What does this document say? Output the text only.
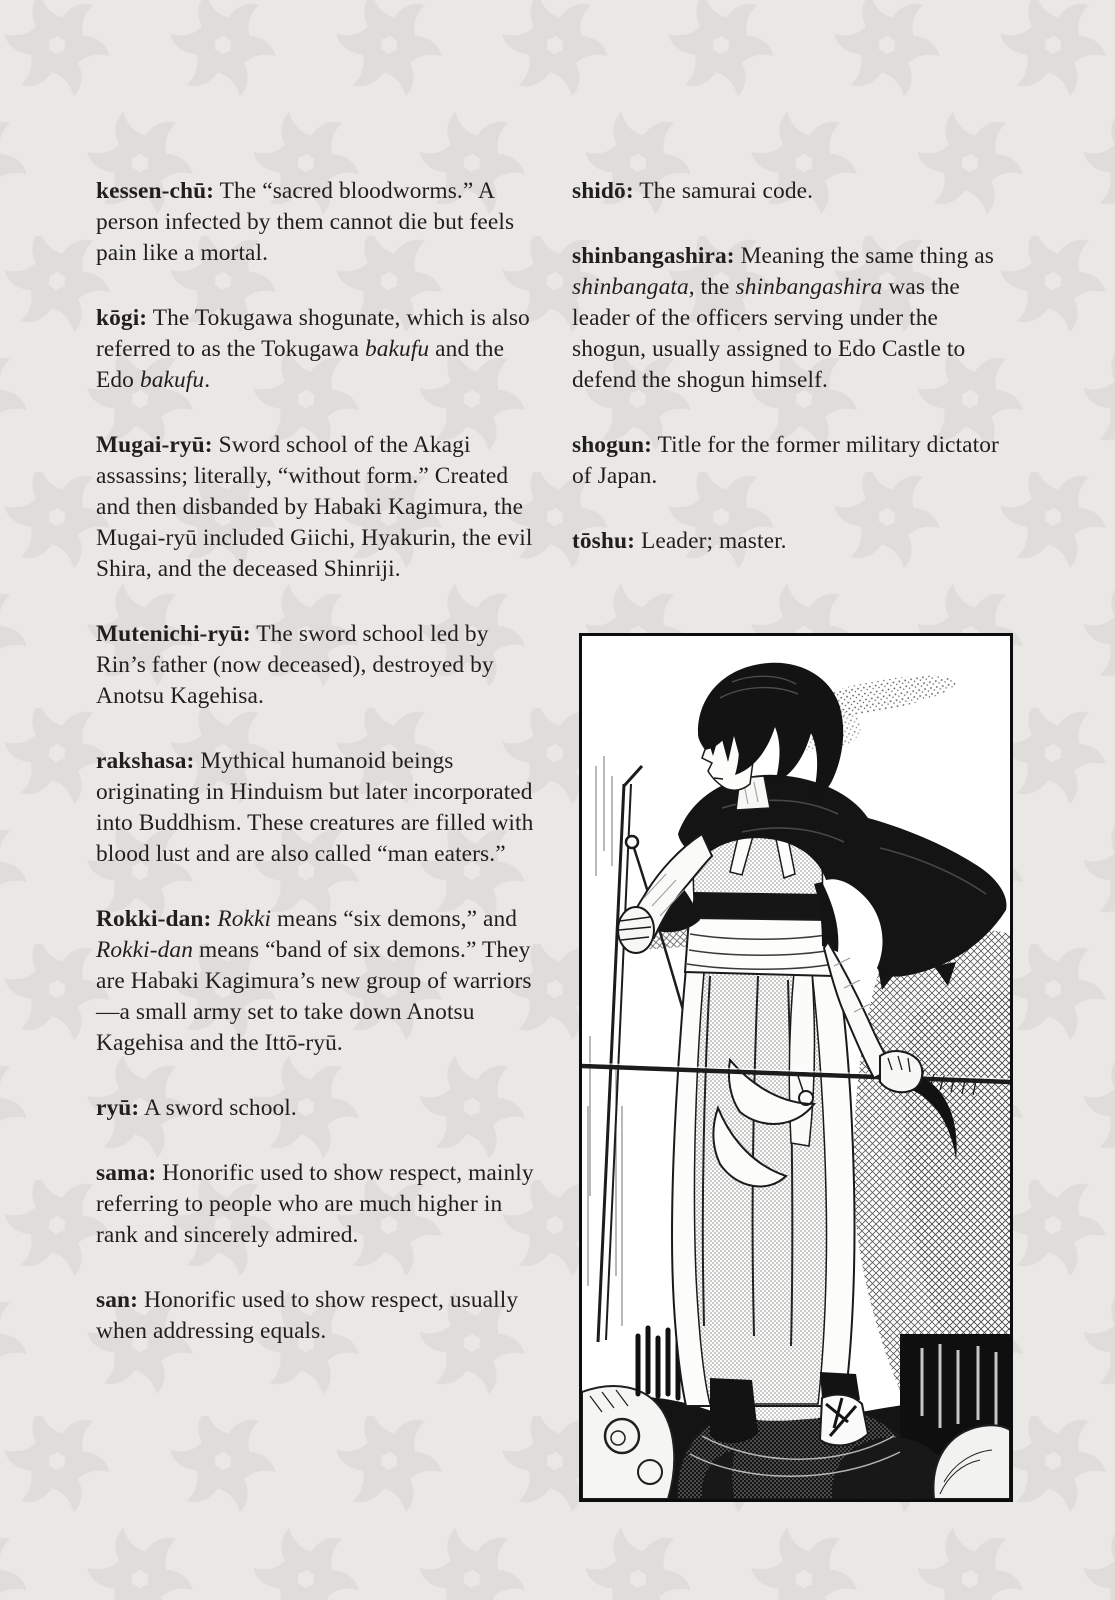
kessen-chū: The “sacred bloodworms.” A person infected by them cannot die but feels pain like a mortal.

kōgi: The Tokugawa shogunate, which is also referred to as the Tokugawa bakufu and the Edo bakufu.

Mugai-ryū: Sword school of the Akagi assassins; literally, “without form.” Created and then disbanded by Habaki Kagimura, the Mugai-ryū included Giichi, Hyakurin, the evil Shira, and the deceased Shinriji.

Mutenichi-ryū: The sword school led by Rin’s father (now deceased), destroyed by Anotsu Kagehisa.

rakshasa: Mythical humanoid beings originating in Hinduism but later incorporated into Buddhism. These creatures are filled with blood lust and are also called “man eaters.”

Rokki-dan: Rokki means “six demons,” and Rokki-dan means “band of six demons.” They are Habaki Kagimura’s new group of warriors—a small army set to take down Anotsu Kagehisa and the Ittō-ryū.

ryū: A sword school.

sama: Honorific used to show respect, mainly referring to people who are much higher in rank and sincerely admired.

san: Honorific used to show respect, usually when addressing equals.

shidō: The samurai code.

shinbangashira: Meaning the same thing as shinbangata, the shinbangashira was the leader of the officers serving under the shogun, usually assigned to Edo Castle to defend the shogun himself.

shogun: Title for the former military dictator of Japan.

tōshu: Leader; master.
